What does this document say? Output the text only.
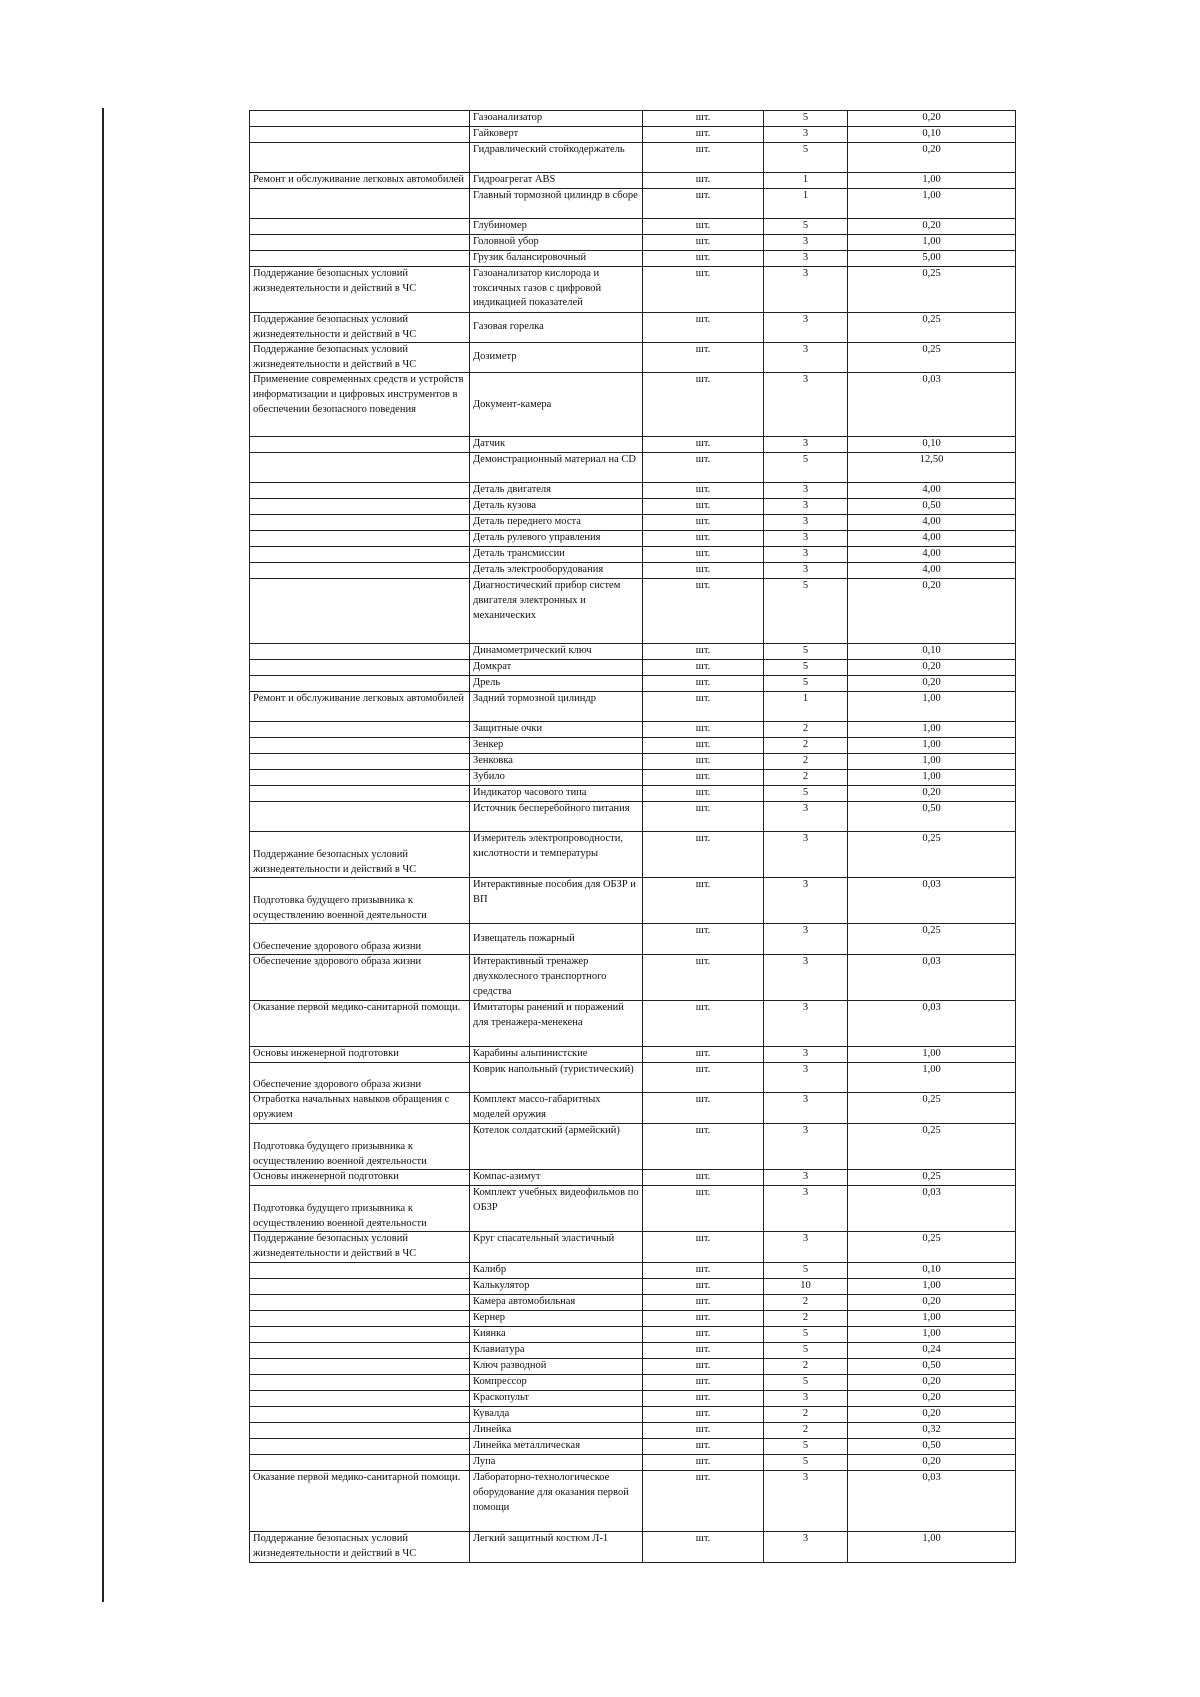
	Газоанализатор	шт.	5	0,20
	Гайковерт	шт.	3	0,10
	Гидравлический стойкодержатель	шт.	5	0,20
Ремонт и обслуживание легковых автомобилей	Гидроагрегат ABS	шт.	1	1,00
	Главный тормозной цилиндр в сборе	шт.	1	1,00
	Глубиномер	шт.	5	0,20
	Головной убор	шт.	3	1,00
	Грузик балансировочный	шт.	3	5,00
Поддержание безопасных условий жизнедеятельности и действий в ЧС	Газоанализатор кислорода и токсичных газов с цифровой индикацией показателей	шт.	3	0,25
Поддержание безопасных условий жизнедеятельности и действий в ЧС	Газовая горелка	шт.	3	0,25
Поддержание безопасных условий жизнедеятельности и действий в ЧС	Дозиметр	шт.	3	0,25
Применение современных средств и устройств информатизации и цифровых инструментов в обеспечении безопасного поведения	Документ-камера	шт.	3	0,03
	Датчик	шт.	3	0,10
	Демонстрационный материал на CD	шт.	5	12,50
	Деталь двигателя	шт.	3	4,00
	Деталь кузова	шт.	3	0,50
	Деталь переднего моста	шт.	3	4,00
	Деталь рулевого управления	шт.	3	4,00
	Деталь трансмиссии	шт.	3	4,00
	Деталь электрооборудования	шт.	3	4,00
	Диагностический прибор систем двигателя электронных и механических	шт.	5	0,20
	Динамометрический ключ	шт.	5	0,10
	Домкрат	шт.	5	0,20
	Дрель	шт.	5	0,20
Ремонт и обслуживание легковых автомобилей	Задний тормозной цилиндр	шт.	1	1,00
	Защитные очки	шт.	2	1,00
	Зенкер	шт.	2	1,00
	Зенковка	шт.	2	1,00
	Зубило	шт.	2	1,00
	Индикатор часового типа	шт.	5	0,20
	Источник бесперебойного питания	шт.	3	0,50
Поддержание безопасных условий жизнедеятельности и действий в ЧС	Измеритель электропроводности, кислотности и температуры	шт.	3	0,25
Подготовка будущего призывника к осуществлению военной деятельности	Интерактивные пособия для ОБЗР и ВП	шт.	3	0,03
Обеспечение здорового образа жизни	Извещатель пожарный	шт.	3	0,25
Обеспечение здорового образа жизни	Интерактивный тренажер двухколесного транспортного средства	шт.	3	0,03
Оказание первой медико-санитарной помощи.	Имитаторы ранений и поражений для тренажера-менекена	шт.	3	0,03
Основы инженерной подготовки	Карабины альпинистские	шт.	3	1,00
Обеспечение здорового образа жизни	Коврик напольный (туристический)	шт.	3	1,00
Отработка начальных навыков обращения с оружием	Комплект массо-габаритных моделей оружия	шт.	3	0,25
Подготовка будущего призывника к осуществлению военной деятельности	Котелок солдатский (армейский)	шт.	3	0,25
Основы инженерной подготовки	Компас-азимут	шт.	3	0,25
Подготовка будущего призывника к осуществлению военной деятельности	Комплект учебных видеофильмов по ОБЗР	шт.	3	0,03
Поддержание безопасных условий жизнедеятельности и действий в ЧС	Круг спасательный эластичный	шт.	3	0,25
	Калибр	шт.	5	0,10
	Калькулятор	шт.	10	1,00
	Камера автомобильная	шт.	2	0,20
	Кернер	шт.	2	1,00
	Киянка	шт.	5	1,00
	Клавиатура	шт.	5	0,24
	Ключ разводной	шт.	2	0,50
	Компрессор	шт.	5	0,20
	Краскопульт	шт.	3	0,20
	Кувалда	шт.	2	0,20
	Линейка	шт.	2	0,32
	Линейка металлическая	шт.	5	0,50
	Лупа	шт.	5	0,20
Оказание первой медико-санитарной помощи.	Лабораторно-технологическое оборудование для оказания первой помощи	шт.	3	0,03
Поддержание безопасных условий жизнедеятельности и действий в ЧС	Легкий защитный костюм Л-1	шт.	3	1,00
